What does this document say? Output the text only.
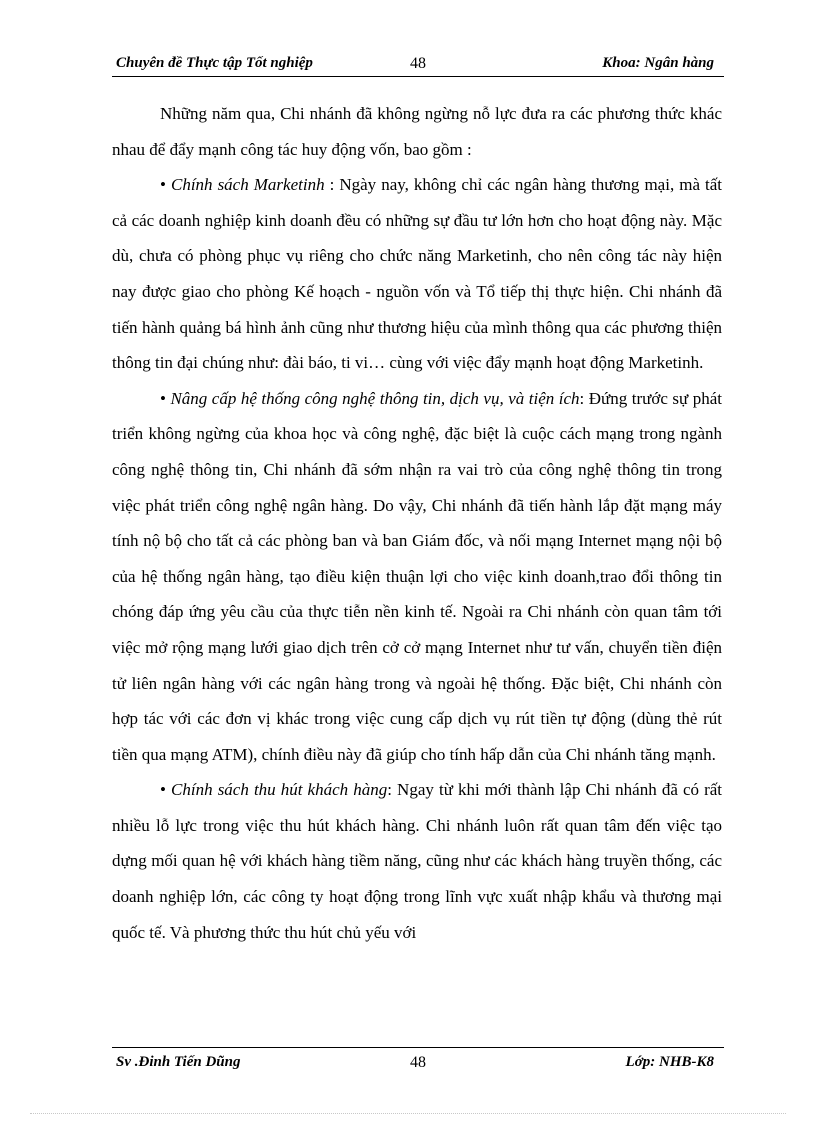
Chuyên đề Thực tập Tốt nghiệp	48	Khoa: Ngân hàng

Những năm qua, Chi nhánh đã không ngừng nỗ lực đưa ra các phương thức khác nhau để đẩy mạnh công tác huy động vốn, bao gồm :

• Chính sách Marketinh : Ngày nay, không chỉ các ngân hàng thương mại, mà tất cả các doanh nghiệp kinh doanh đều có những sự đầu tư lớn hơn cho hoạt động này. Mặc dù, chưa có phòng phục vụ riêng cho chức năng Marketinh, cho nên công tác này hiện nay được giao cho phòng Kế hoạch - nguồn vốn và Tổ tiếp thị thực hiện. Chi nhánh đã tiến hành quảng bá hình ảnh cũng như thương hiệu của mình thông qua các phương thiện thông tin đại chúng như: đài báo, ti vi… cùng với việc đẩy mạnh hoạt động Marketinh.

• Nâng cấp hệ thống công nghệ thông tin, dịch vụ, và tiện ích: Đứng trước sự phát triển không ngừng của khoa học và công nghệ, đặc biệt là cuộc cách mạng trong ngành công nghệ thông tin, Chi nhánh đã sớm nhận ra vai trò của công nghệ thông tin trong việc phát triển công nghệ ngân hàng. Do vậy, Chi nhánh đã tiến hành lắp đặt mạng máy tính nộ bộ cho tất cả các phòng ban và ban Giám đốc, và nối mạng Internet mạng nội bộ của hệ thống ngân hàng, tạo điều kiện thuận lợi cho việc kinh doanh,trao đổi thông tin chóng đáp ứng yêu cầu của thực tiễn nền kinh tế. Ngoài ra Chi nhánh còn quan tâm tới việc mở rộng mạng lưới giao dịch trên cở cở mạng Internet như tư vấn, chuyển tiền điện tử liên ngân hàng với các ngân hàng trong và ngoài hệ thống. Đặc biệt, Chi nhánh còn hợp tác với các đơn vị khác trong việc cung cấp dịch vụ rút tiền tự động (dùng thẻ rút tiền qua mạng ATM), chính điều này đã giúp cho tính hấp dẫn của Chi nhánh tăng mạnh.

• Chính sách thu hút khách hàng: Ngay từ khi mới thành lập Chi nhánh đã có rất nhiều lỗ lực trong việc thu hút khách hàng. Chi nhánh luôn rất quan tâm đến việc tạo dựng mối quan hệ với khách hàng tiềm năng, cũng như các khách hàng truyền thống, các doanh nghiệp lớn, các công ty hoạt động trong lĩnh vực xuất nhập khẩu và thương mại quốc tế. Và phương thức thu hút chủ yếu với

Sv .Đinh Tiến Dũng	48	Lớp: NHB-K8
